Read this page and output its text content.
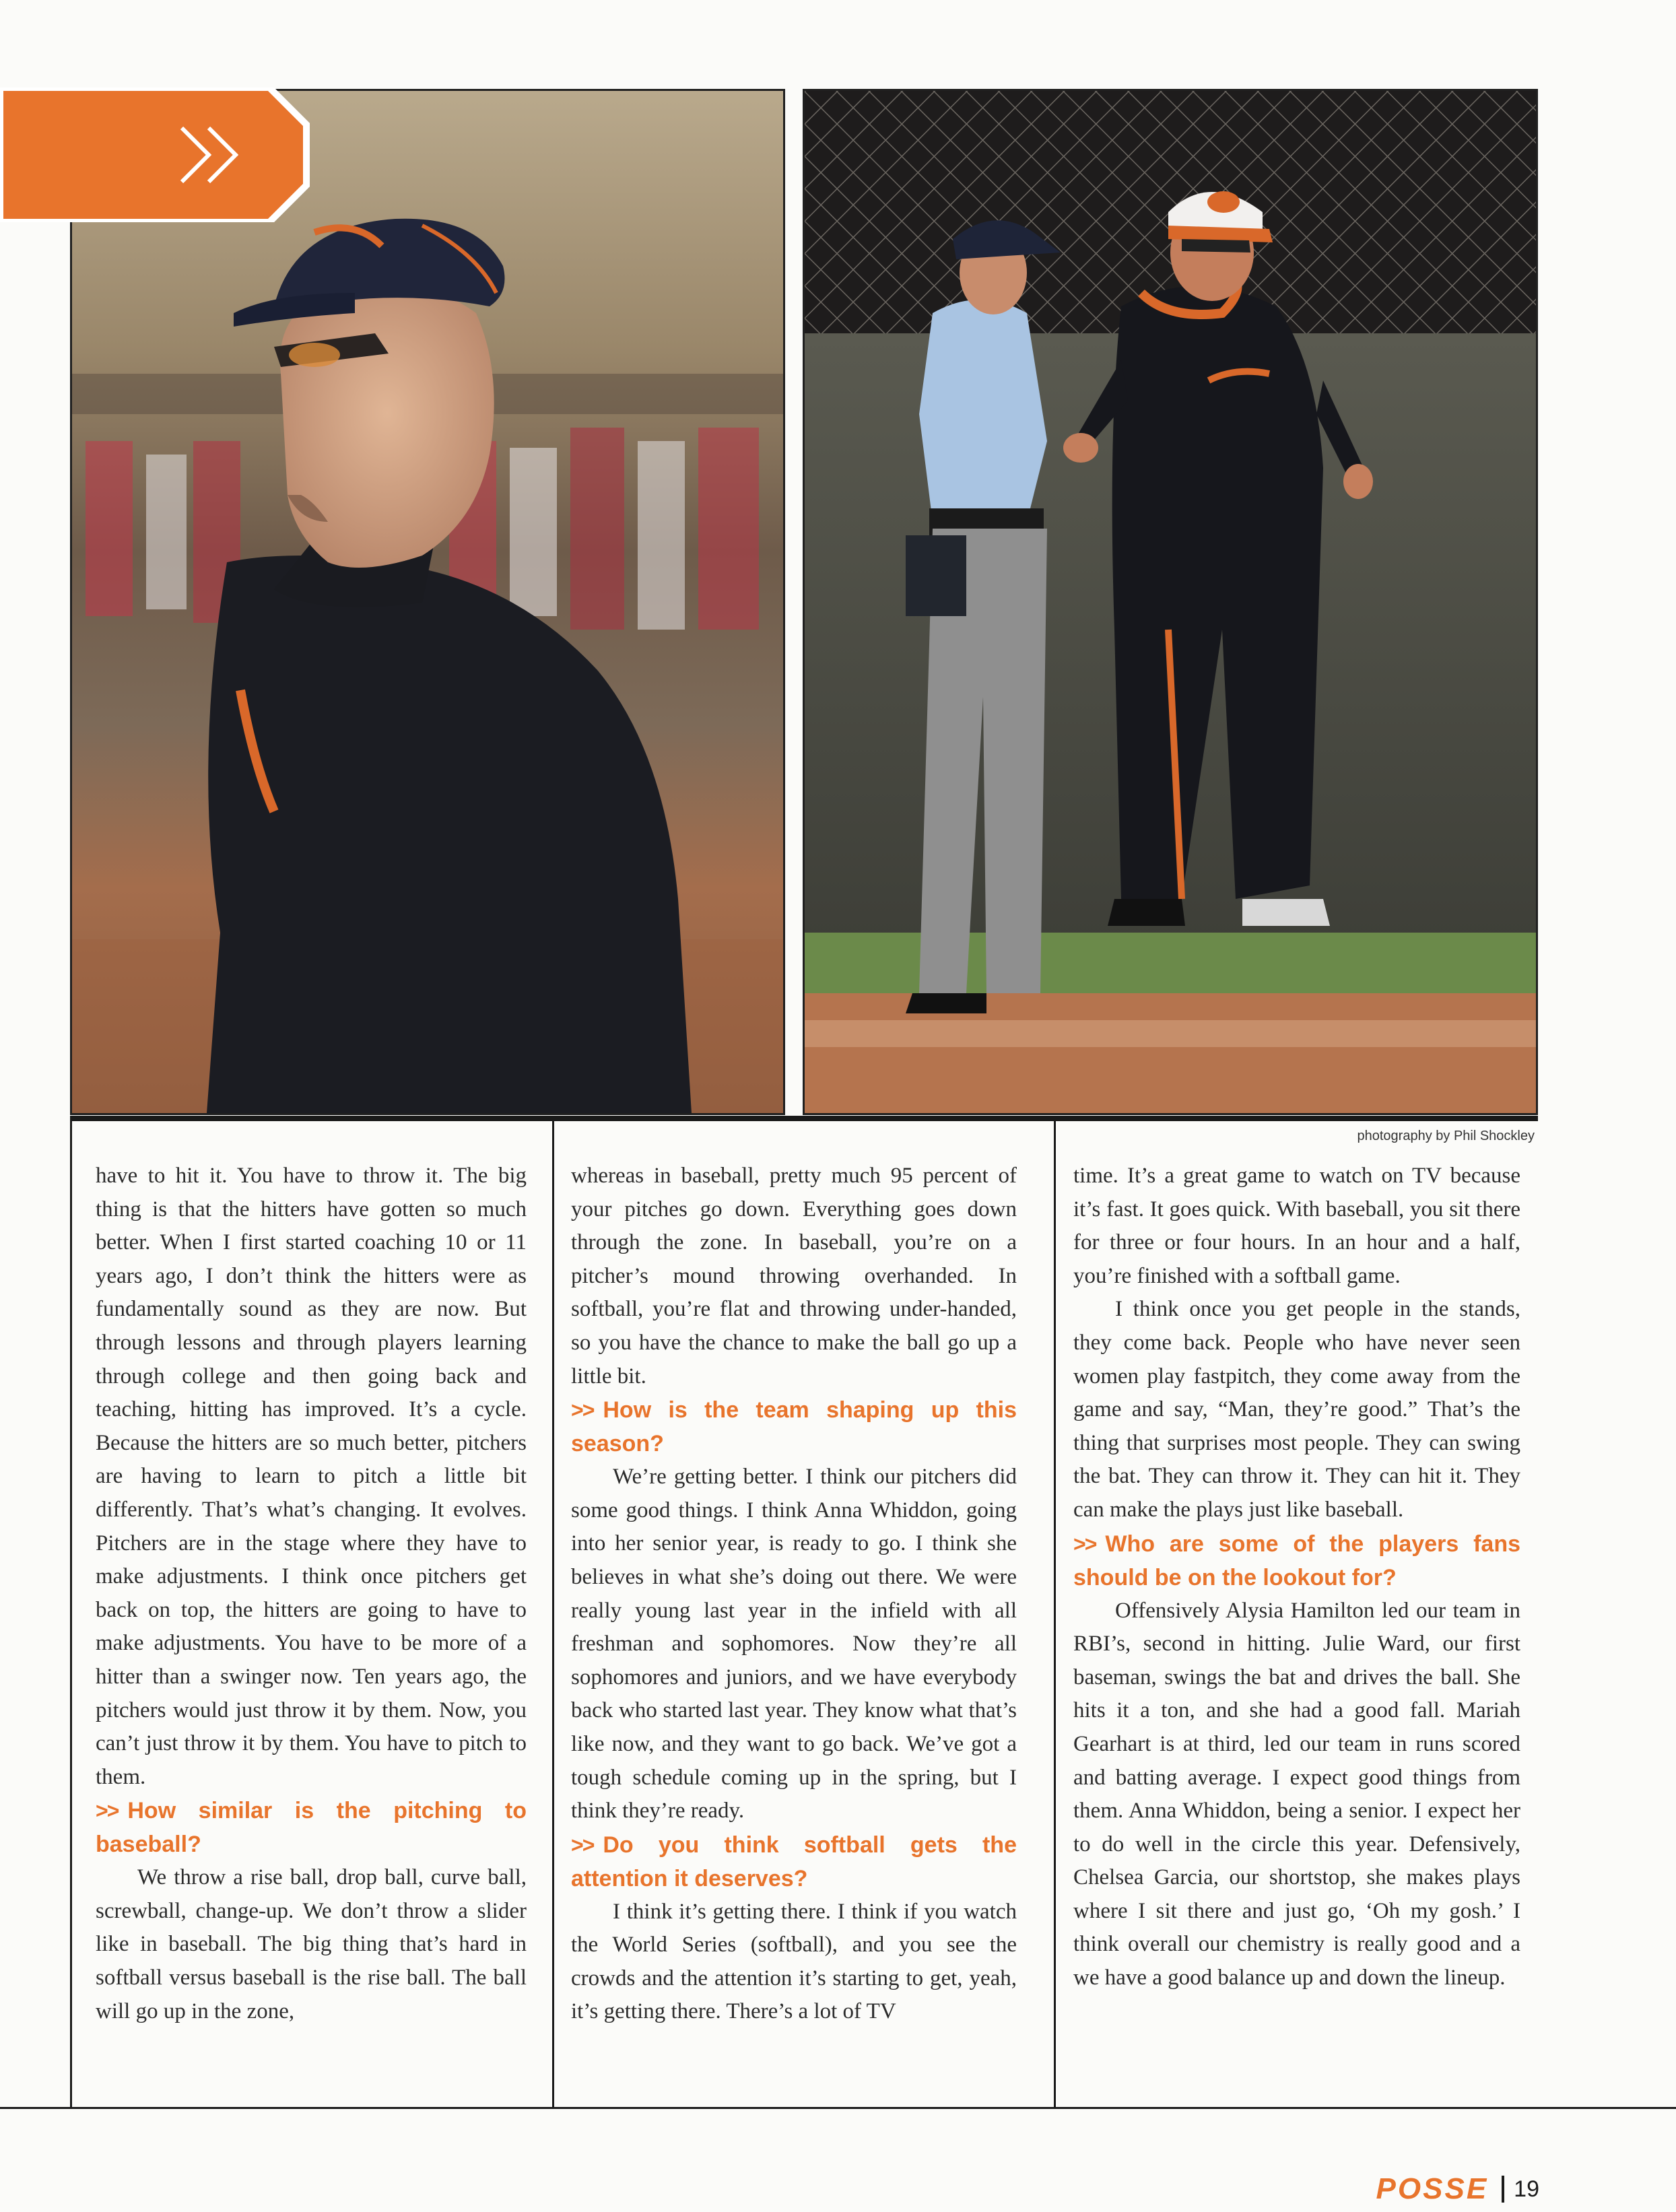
photography by Phil Shockley

have to hit it. You have to throw it. The big thing is that the hitters have gotten so much better. When I first started coaching 10 or 11 years ago, I don’t think the hitters were as fundamentally sound as they are now. But through lessons and through players learning through college and then going back and teaching, hitting has improved. It’s a cycle. Because the hitters are so much better, pitchers are having to learn to pitch a little bit differently. That’s what’s changing. It evolves. Pitchers are in the stage where they have to make adjustments. I think once pitchers get back on top, the hitters are going to have to make adjustments. You have to be more of a hitter than a swinger now. Ten years ago, the pitchers would just throw it by them. Now, you can’t just throw it by them. You have to pitch to them.

>> How similar is the pitching to baseball?

We throw a rise ball, drop ball, curve ball, screwball, change-up. We don’t throw a slider like in baseball. The big thing that’s hard in softball versus baseball is the rise ball. The ball will go up in the zone,

whereas in baseball, pretty much 95 percent of your pitches go down. Everything goes down through the zone. In baseball, you’re on a pitcher’s mound throwing overhanded. In softball, you’re flat and throwing under-handed, so you have the chance to make the ball go up a little bit.

>> How is the team shaping up this season?

We’re getting better. I think our pitchers did some good things. I think Anna Whiddon, going into her senior year, is ready to go. I think she believes in what she’s doing out there. We were really young last year in the infield with all freshman and sophomores. Now they’re all sophomores and juniors, and we have everybody back who started last year. They know what that’s like now, and they want to go back. We’ve got a tough schedule coming up in the spring, but I think they’re ready.

>> Do you think softball gets the attention it deserves?

I think it’s getting there. I think if you watch the World Series (softball), and you see the crowds and the attention it’s starting to get, yeah, it’s getting there. There’s a lot of TV

time. It’s a great game to watch on TV because it’s fast. It goes quick. With baseball, you sit there for three or four hours. In an hour and a half, you’re finished with a softball game.

I think once you get people in the stands, they come back. People who have never seen women play fastpitch, they come away from the game and say, “Man, they’re good.” That’s the thing that surprises most people. They can swing the bat. They can throw it. They can hit it. They can make the plays just like baseball.

>> Who are some of the players fans should be on the lookout for?

Offensively Alysia Hamilton led our team in RBI’s, second in hitting. Julie Ward, our first baseman, swings the bat and drives the ball. She hits it a ton, and she had a good fall. Mariah Gearhart is at third, led our team in runs scored and batting average. I expect good things from them. Anna Whiddon, being a senior. I expect her to do well in the circle this year. Defensively, Chelsea Garcia, our shortstop, she makes plays where I sit there and just go, ‘Oh my gosh.’ I think overall our chemistry is really good and a we have a good balance up and down the lineup.

POSSE 19
